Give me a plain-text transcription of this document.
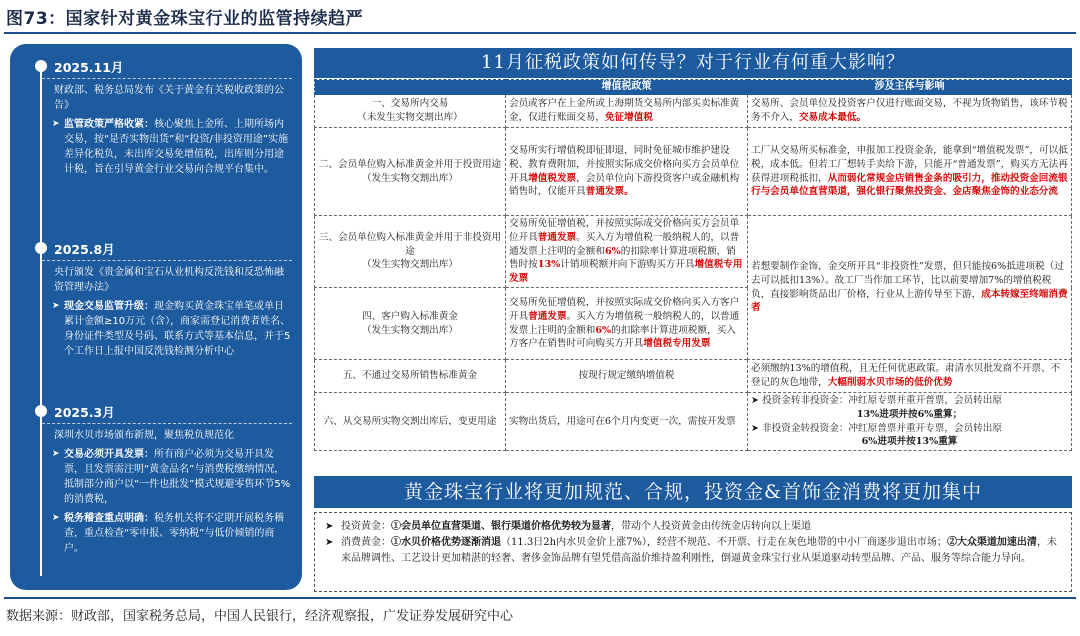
图73：国家针对黄金珠宝行业的监管持续趋严
2025.11月
财政部、税务总局发布《关于黄金有关税收政策的公告》
➤ 监管政策严格收紧：核心聚焦上金所、上期所场内交易，按“是否实物出货”和“投资/非投资用途”实施差异化税负，未出库交易免增值税，出库则分用途计税，旨在引导黄金行业交易向合规平台集中。
2025.8月
央行颁发《贵金属和宝石从业机构反洗钱和反恐怖融资管理办法》
➤ 现金交易监管升级：现金购买黄金珠宝单笔或单日累计金额≥10万元（含），商家需登记消费者姓名、身份证件类型及号码、联系方式等基本信息，并于5个工作日上报中国反洗钱检测分析中心
2025.3月
深圳水贝市场颁布新规，聚焦税负规范化
➤ 交易必须开具发票：所有商户必须为交易开具发票，且发票需注明“黄金品名”与消费税缴纳情况，抵制部分商户以“一件也批发”模式规避零售环节5%的消费税，
➤ 税务稽查重点明确：税务机关将不定期开展税务稽查，重点检查“零申报、零纳税”与低价倾销的商户。
11月征税政策如何传导？对于行业有何重大影响？
	增值税政策	涉及主体与影响
一、交易所内交易
（未发生实物交割出库）	会员或客户在上金所或上海期货交易所内部买卖标准黄金，仅进行账面交易，免征增值税	交易所、会员单位及投资客户仅进行账面交易，不视为货物销售，该环节税务不介入，交易成本最低。
二、会员单位购入标准黄金并用于投资用途
（发生实物交割出库）	交易所实行增值税即征即退，同时免征城市维护建设税、教育费附加，并按照实际成交价格向买方会员单位开具增值税发票，会员单位向下游投资客户或金融机构销售时，仅能开具普通发票。	工厂从交易所买标准金，申报加工投资金条，能拿到“增值税发票”，可以抵税，成本低。但若工厂想转手卖给下游，只能开“普通发票”，购买方无法再获得进项税抵扣，从而弱化常规金店销售金条的吸引力，推动投资金回流银行与会员单位直营渠道，强化银行聚焦投资金、金店聚焦金饰的业态分流
三、会员单位购入标准黄金并用于非投资用途
（发生实物交割出库）	交易所免征增值税，并按照实际成交价格向买方会员单位开具普通发票。买入方为增值税一般纳税人的，以普通发票上注明的金额和6%的扣除率计算进项税额，销售时按13%计销项税额并向下游购买方开具增值税专用发票	若想要制作金饰，金交所开具“非投资性”发票，但只能按6%抵进项税（过去可以抵扣13%）。故工厂当作加工环节，比以前要增加7%的增值税税负，直接影响货品出厂价格，行业从上游传导至下游，成本转嫁至终端消费者
四、客户购入标准黄金
（发生实物交割出库）	交易所免征增值税，并按照实际成交价格向买入方客户开具普通发票。买入方为增值税一般纳税人的，以普通发票上注明的金额和6%的扣除率计算进项税额，买入方客户在销售时可向购买方开具增值税专用发票	
五、不通过交易所销售标准黄金	按现行规定缴纳增值税	必须缴纳13%的增值税，且无任何优惠政策。肃清水贝批发商不开票、不登记的灰色地带，大幅削弱水贝市场的低价优势
六、从交易所实物交割出库后，变更用途	实物出货后，用途可在6个月内变更一次，需按开发票	➤ 投资金转非投资金：冲红原专票并重开普票，会员转出原
13%进项并按6%重算；
➤ 非投资金转投资金：冲红原普票并重开专票，会员转出原
6%进项并按13%重算
黄金珠宝行业将更加规范、合规，投资金&首饰金消费将更加集中
➤ 投资黄金：①会员单位直营渠道、银行渠道价格优势较为显著，带动个人投资黄金由传统金店转向以上渠道
➤ 消费黄金：①水贝价格优势逐渐消退（11.3日2h内水贝金价上涨7%），经营不规范、不开票、行走在灰色地带的中小厂商逐步退出市场；②大众渠道加速出清，未来品牌调性、工艺设计更加精湛的轻奢、奢侈金饰品牌有望凭借高溢价维持盈利刚性，倒逼黄金珠宝行业从渠道驱动转型品牌、产品、服务等综合能力导向。
数据来源：财政部，国家税务总局，中国人民银行，经济观察报，广发证券发展研究中心
